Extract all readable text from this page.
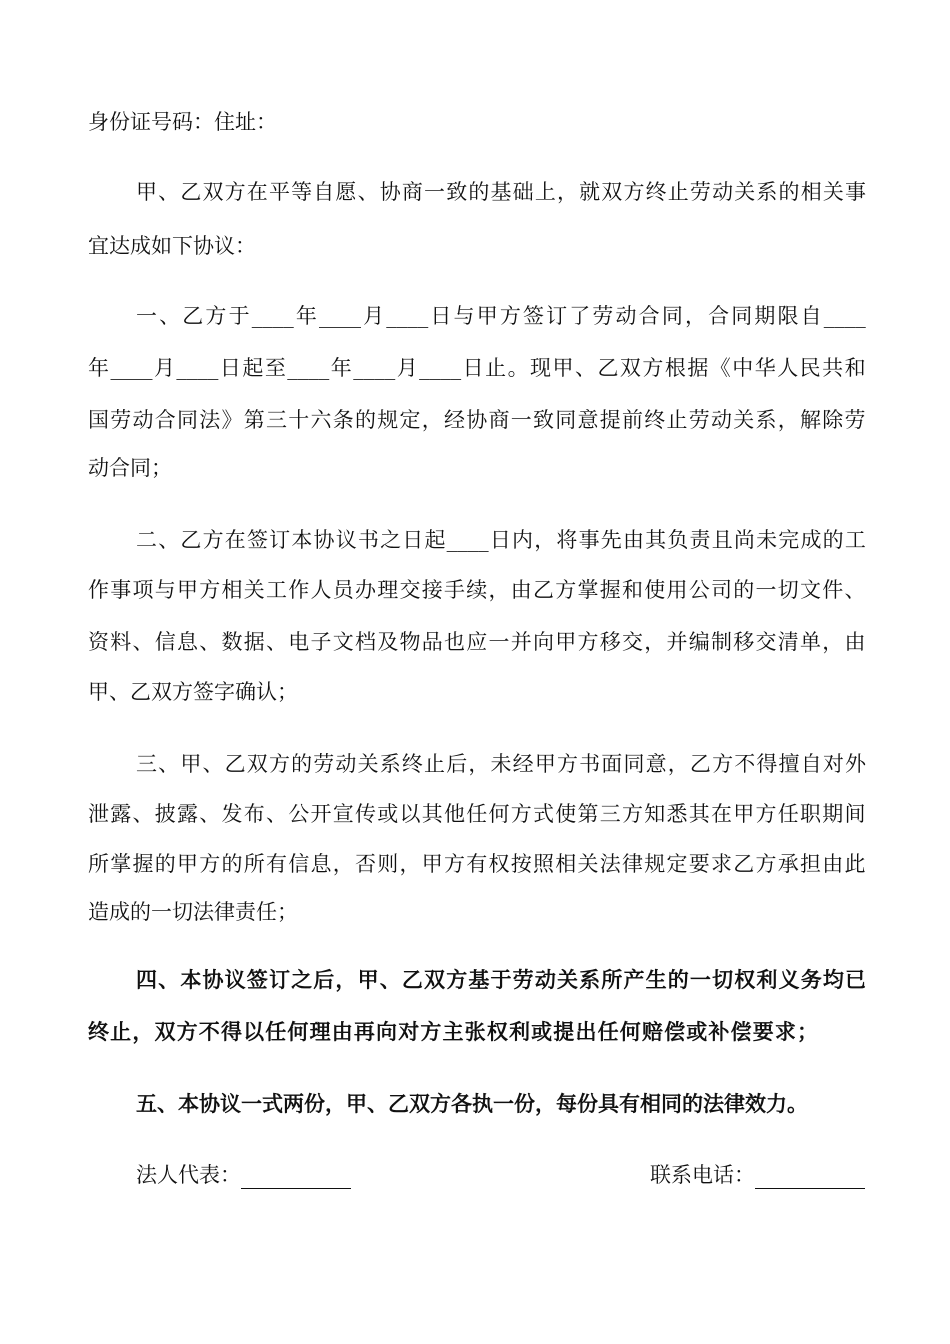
身份证号码：住址：
甲 、 乙 双 方 在 平 等 自 愿 、 协 商 一 致 的 基 础 上 ， 就 双 方 终 止 劳 动 关 系 的 相 关 事
宜达成如下协议：
一 、 乙 方 于 ____ 年 ____ 月 ____ 日 与 甲 方 签 订 了 劳 动 合 同 ， 合 同 期 限 自 ____
年 ____ 月 ____ 日 起 至 ____ 年 ____ 月 ____ 日 止 。 现 甲 、 乙 双 方 根 据 《 中 华 人 民 共 和
国 劳 动 合 同 法 》 第 三 十 六 条 的 规 定 ， 经 协 商 一 致 同 意 提 前 终 止 劳 动 关 系 ， 解 除 劳
动合同；
二 、 乙 方 在 签 订 本 协 议 书 之 日 起 ____ 日 内 ， 将 事 先 由 其 负 责 且 尚 未 完 成 的 工
作 事 项 与 甲 方 相 关 工 作 人 员 办 理 交 接 手 续 ， 由 乙 方 掌 握 和 使 用 公 司 的 一 切 文 件 、
资 料 、 信 息 、 数 据 、 电 子 文 档 及 物 品 也 应 一 并 向 甲 方 移 交 ， 并 编 制 移 交 清 单 ， 由
甲、乙双方签字确认；
三 、 甲 、 乙 双 方 的 劳 动 关 系 终 止 后 ， 未 经 甲 方 书 面 同 意 ， 乙 方 不 得 擅 自 对 外
泄 露 、 披 露 、 发 布 、 公 开 宣 传 或 以 其 他 任 何 方 式 使 第 三 方 知 悉 其 在 甲 方 任 职 期 间
所 掌 握 的 甲 方 的 所 有 信 息 ， 否 则 ， 甲 方 有 权 按 照 相 关 法 律 规 定 要 求 乙 方 承 担 由 此
造成的一切法律责任；
四 、 本 协 议 签 订 之 后 ， 甲 、 乙 双 方 基 于 劳 动 关 系 所 产 生 的 一 切 权 利 义 务 均 已
终 止 ， 双 方 不 得 以 任 何 理 由 再 向 对 方 主 张 权 利 或 提 出 任 何 赔 偿 或 补 偿 要 求 ；
五、本协议一式两份，甲、乙双方各执一份，每份具有相同的法律效力。
法人代表：	联系电话：
